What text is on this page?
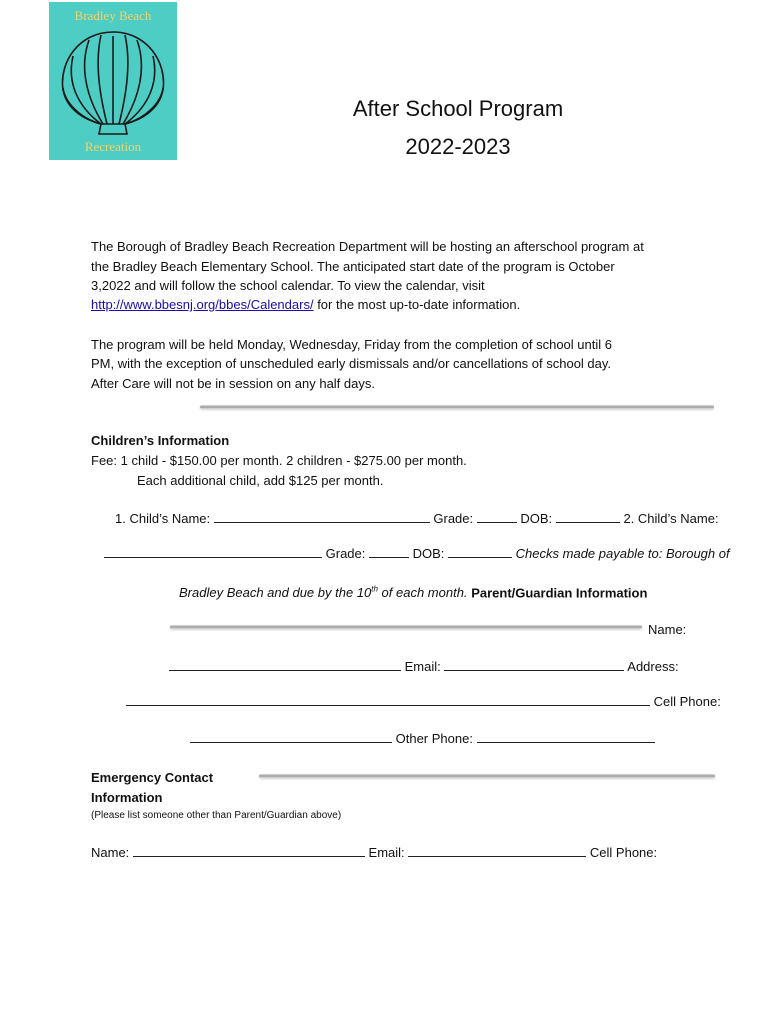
Bradley Beach
Recreation
After School Program
2022-2023
The Borough of Bradley Beach Recreation Department will be hosting an afterschool program at
the Bradley Beach Elementary School. The anticipated start date of the program is October
3,2022 and will follow the school calendar. To view the calendar, visit
http://www.bbesnj.org/bbes/Calendars/ for the most up-to-date information.
The program will be held Monday, Wednesday, Friday from the completion of school until 6
PM, with the exception of unscheduled early dismissals and/or cancellations of school day.
After Care will not be in session on any half days.
Children’s Information
Fee: 1 child - $150.00 per month. 2 children - $275.00 per month.
Each additional child, add $125 per month.
1. Child’s Name:	Grade:	DOB:	2. Child’s Name:
Grade:	DOB:	Checks made payable to: Borough of
Bradley Beach and due by the 10th of each month. Parent/Guardian Information
Name:
Email:	Address:
Cell Phone:
Other Phone:
Emergency Contact
Information
(Please list someone other than Parent/Guardian above)
Name:	Email:	Cell Phone:
